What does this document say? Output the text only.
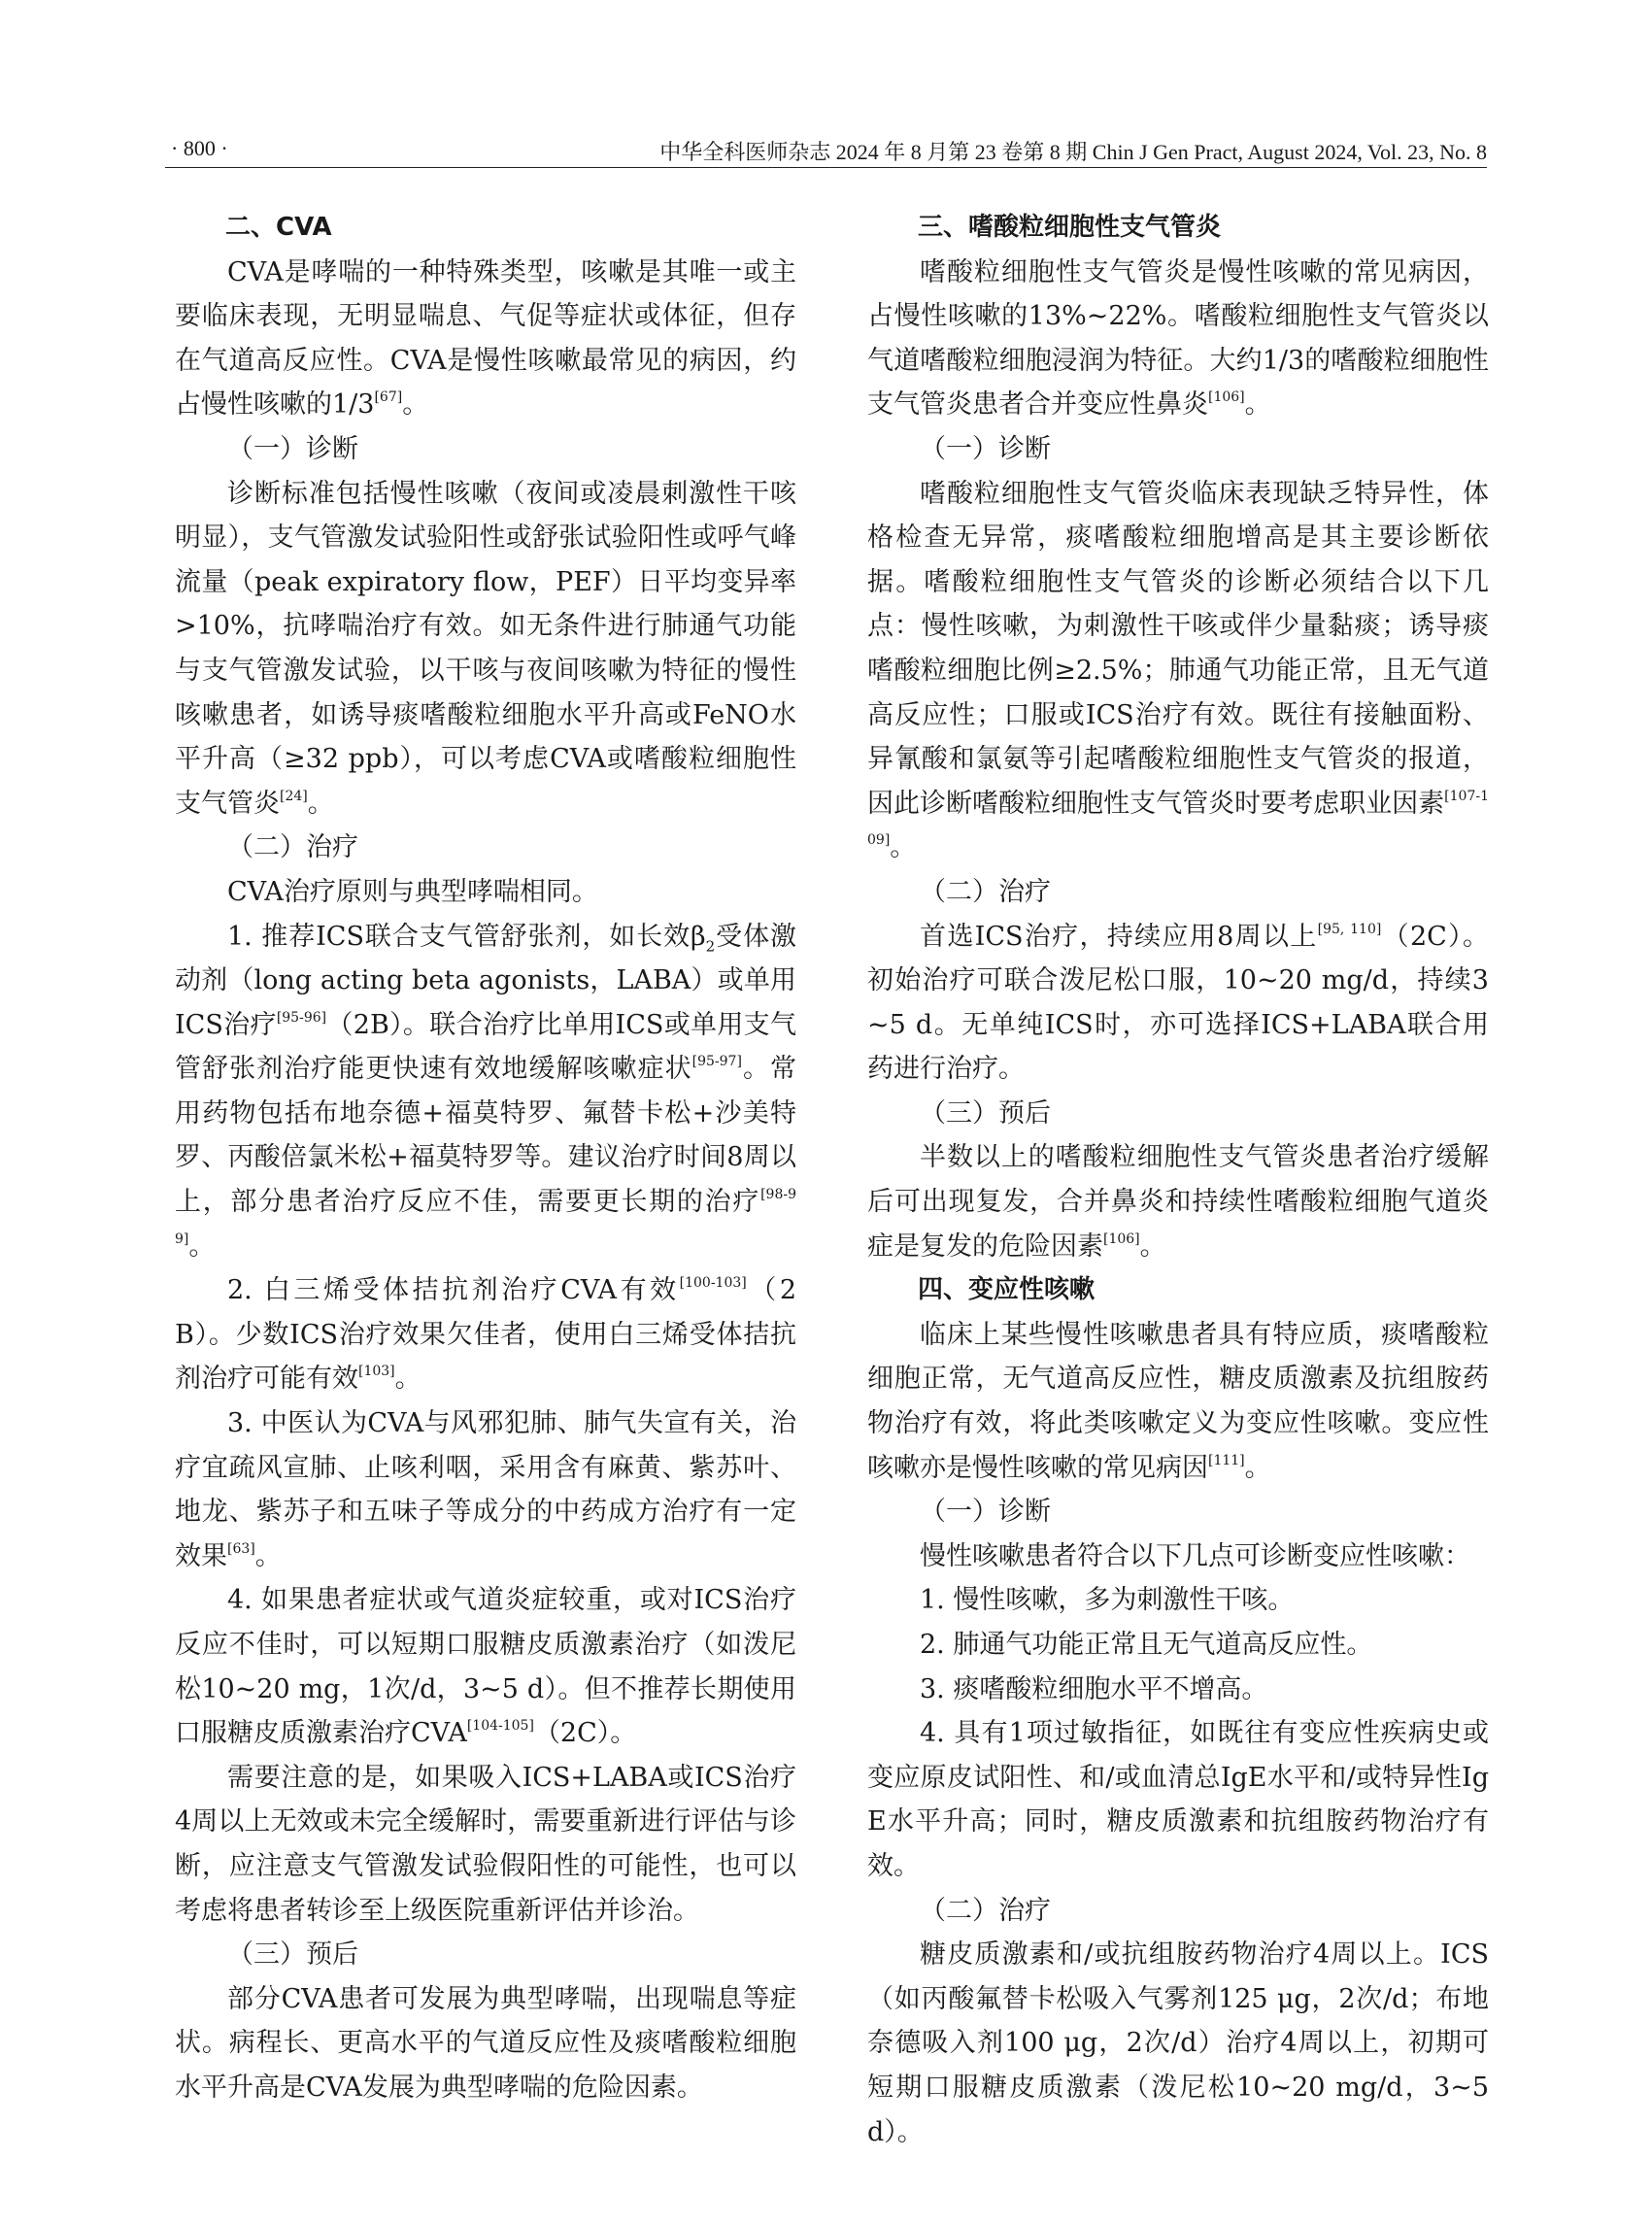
· 800 ·	中华全科医师杂志 2024 年 8 月第 23 卷第 8 期 Chin J Gen Pract, August 2024, Vol. 23, No. 8

二、CVA

CVA是哮喘的一种特殊类型，咳嗽是其唯一或主要临床表现，无明显喘息、气促等症状或体征，但存在气道高反应性。CVA是慢性咳嗽最常见的病因，约占慢性咳嗽的1/3[67]。

（一）诊断

诊断标准包括慢性咳嗽（夜间或凌晨刺激性干咳明显），支气管激发试验阳性或舒张试验阳性或呼气峰流量（peak expiratory flow，PEF）日平均变异率>10%，抗哮喘治疗有效。如无条件进行肺通气功能与支气管激发试验，以干咳与夜间咳嗽为特征的慢性咳嗽患者，如诱导痰嗜酸粒细胞水平升高或FeNO水平升高（≥32 ppb），可以考虑CVA或嗜酸粒细胞性支气管炎[24]。

（二）治疗

CVA治疗原则与典型哮喘相同。

1. 推荐ICS联合支气管舒张剂，如长效$\beta_2$受体激动剂（long acting beta agonists，LABA）或单用ICS治疗[95-96]（2B）。联合治疗比单用ICS或单用支气管舒张剂治疗能更快速有效地缓解咳嗽症状[95-97]。常用药物包括布地奈德+福莫特罗、氟替卡松+沙美特罗、丙酸倍氯米松+福莫特罗等。建议治疗时间8周以上，部分患者治疗反应不佳，需要更长期的治疗[98-99]。

2. 白三烯受体拮抗剂治疗CVA有效[100-103]（2B）。少数ICS治疗效果欠佳者，使用白三烯受体拮抗剂治疗可能有效[103]。

3. 中医认为CVA与风邪犯肺、肺气失宣有关，治疗宜疏风宣肺、止咳利咽，采用含有麻黄、紫苏叶、地龙、紫苏子和五味子等成分的中药成方治疗有一定效果[63]。

4. 如果患者症状或气道炎症较重，或对ICS治疗反应不佳时，可以短期口服糖皮质激素治疗（如泼尼松10~20 mg，1次/d，3~5 d）。但不推荐长期使用口服糖皮质激素治疗CVA[104-105]（2C）。

需要注意的是，如果吸入ICS+LABA或ICS治疗4周以上无效或未完全缓解时，需要重新进行评估与诊断，应注意支气管激发试验假阳性的可能性，也可以考虑将患者转诊至上级医院重新评估并诊治。

（三）预后

部分CVA患者可发展为典型哮喘，出现喘息等症状。病程长、更高水平的气道反应性及痰嗜酸粒细胞水平升高是CVA发展为典型哮喘的危险因素。

三、嗜酸粒细胞性支气管炎

嗜酸粒细胞性支气管炎是慢性咳嗽的常见病因，占慢性咳嗽的13%~22%。嗜酸粒细胞性支气管炎以气道嗜酸粒细胞浸润为特征。大约1/3的嗜酸粒细胞性支气管炎患者合并变应性鼻炎[106]。

（一）诊断

嗜酸粒细胞性支气管炎临床表现缺乏特异性，体格检查无异常，痰嗜酸粒细胞增高是其主要诊断依据。嗜酸粒细胞性支气管炎的诊断必须结合以下几点：慢性咳嗽，为刺激性干咳或伴少量黏痰；诱导痰嗜酸粒细胞比例≥2.5%；肺通气功能正常，且无气道高反应性；口服或ICS治疗有效。既往有接触面粉、异氰酸和氯氨等引起嗜酸粒细胞性支气管炎的报道，因此诊断嗜酸粒细胞性支气管炎时要考虑职业因素[107-109]。

（二）治疗

首选ICS治疗，持续应用8周以上[95, 110]（2C）。初始治疗可联合泼尼松口服，10~20 mg/d，持续3~5 d。无单纯ICS时，亦可选择ICS+LABA联合用药进行治疗。

（三）预后

半数以上的嗜酸粒细胞性支气管炎患者治疗缓解后可出现复发，合并鼻炎和持续性嗜酸粒细胞气道炎症是复发的危险因素[106]。

四、变应性咳嗽

临床上某些慢性咳嗽患者具有特应质，痰嗜酸粒细胞正常，无气道高反应性，糖皮质激素及抗组胺药物治疗有效，将此类咳嗽定义为变应性咳嗽。变应性咳嗽亦是慢性咳嗽的常见病因[111]。

（一）诊断

慢性咳嗽患者符合以下几点可诊断变应性咳嗽：

1. 慢性咳嗽，多为刺激性干咳。

2. 肺通气功能正常且无气道高反应性。

3. 痰嗜酸粒细胞水平不增高。

4. 具有1项过敏指征，如既往有变应性疾病史或变应原皮试阳性、和/或血清总IgE水平和/或特异性IgE水平升高；同时，糖皮质激素和抗组胺药物治疗有效。

（二）治疗

糖皮质激素和/或抗组胺药物治疗4周以上。ICS（如丙酸氟替卡松吸入气雾剂125 μg，2次/d；布地奈德吸入剂100 μg，2次/d）治疗4周以上，初期可短期口服糖皮质激素（泼尼松10~20 mg/d，3~5 d）。
